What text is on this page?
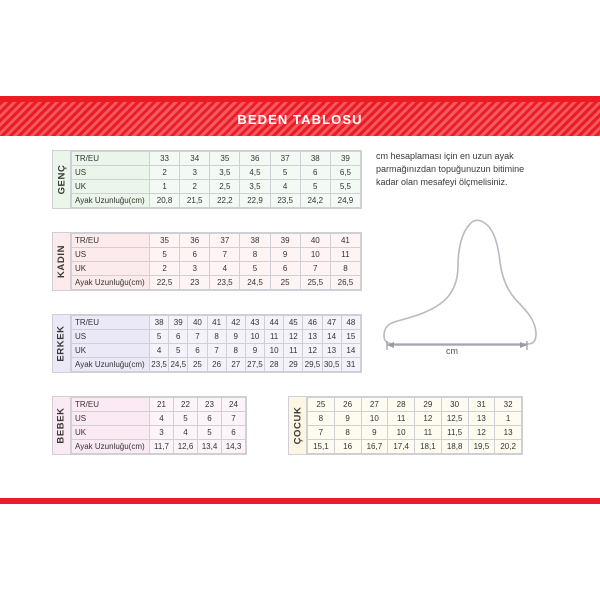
BEDEN TABLOSU
GENÇ
TR/EU	33	34	35	36	37	38	39
US	2	3	3,5	4,5	5	6	6,5
UK	1	2	2,5	3,5	4	5	5,5
Ayak Uzunluğu(cm)	20,8	21,5	22,2	22,9	23,5	24,2	24,9
KADIN
TR/EU	35	36	37	38	39	40	41
US	5	6	7	8	9	10	11
UK	2	3	4	5	6	7	8
Ayak Uzunluğu(cm)	22,5	23	23,5	24,5	25	25,5	26,5
ERKEK
TR/EU	38	39	40	41	42	43	44	45	46	47	48
US	5	6	7	8	9	10	11	12	13	14	15
UK	4	5	6	7	8	9	10	11	12	13	14
Ayak Uzunluğu(cm)	23,5	24,5	25	26	27	27,5	28	29	29,5	30,5	31
BEBEK
TR/EU	21	22	23	24
US	4	5	6	7
UK	3	4	5	6
Ayak Uzunluğu(cm)	11,7	12,6	13,4	14,3
ÇOCUK
25	26	27	28	29	30	31	32
8	9	10	11	12	12,5	13	1
7	8	9	10	11	11,5	12	13
15,1	16	16,7	17,4	18,1	18,8	19,5	20,2
cm hesaplaması için en uzun ayak parmağınızdan topuğunuzun bitimine kadar olan mesafeyi ölçmelisiniz.
cm
